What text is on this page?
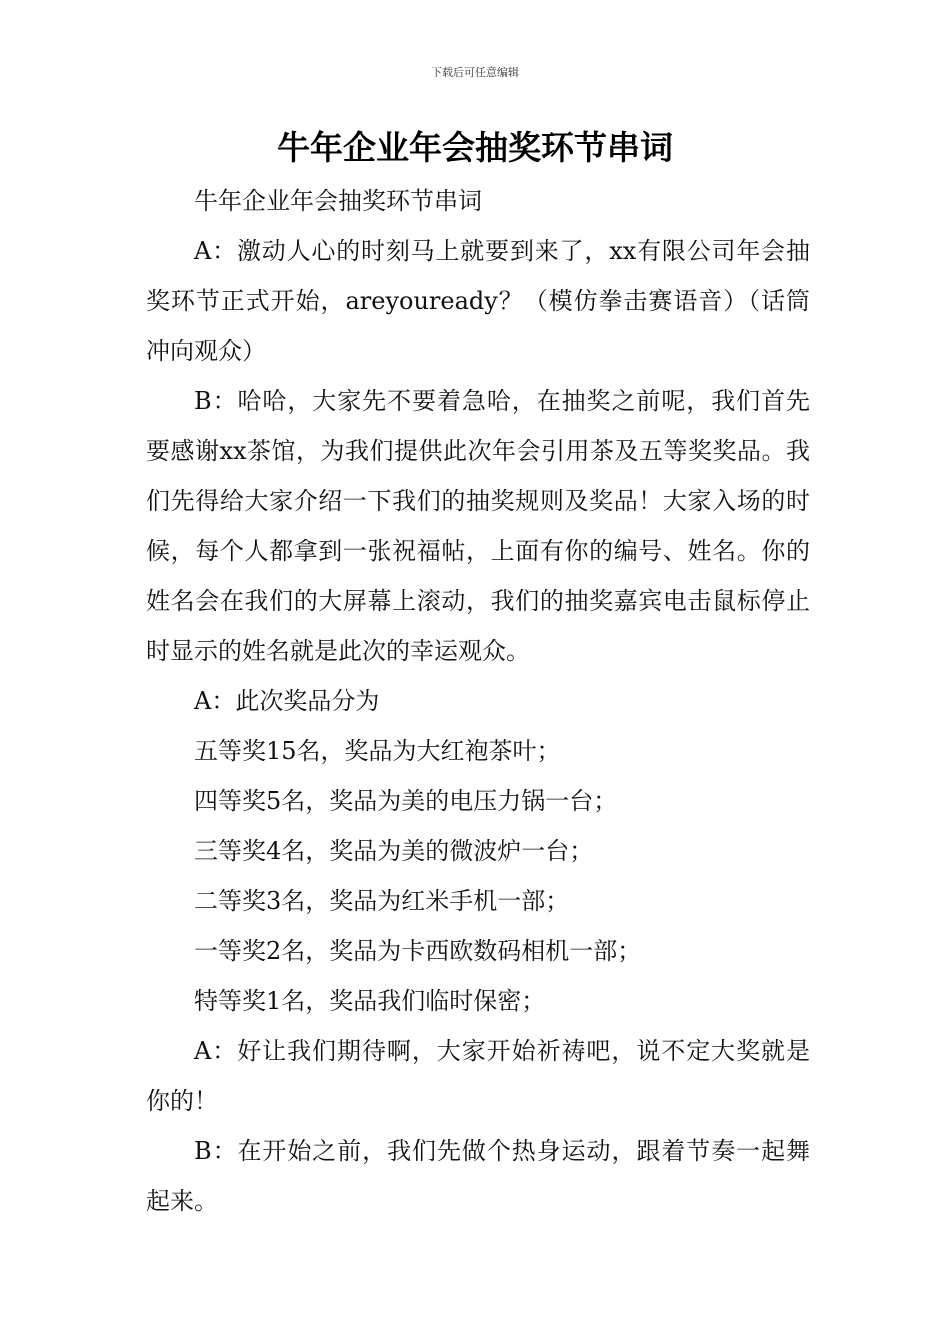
下载后可任意编辑
牛年企业年会抽奖环节串词

牛年企业年会抽奖环节串词

A：激动人心的时刻马上就要到来了，xx有限公司年会抽奖环节正式开始，areyouready？（模仿拳击赛语音）（话筒冲向观众）

B：哈哈，大家先不要着急哈，在抽奖之前呢，我们首先要感谢xx茶馆，为我们提供此次年会引用茶及五等奖奖品。我们先得给大家介绍一下我们的抽奖规则及奖品！大家入场的时候，每个人都拿到一张祝福帖，上面有你的编号、姓名。你的姓名会在我们的大屏幕上滚动，我们的抽奖嘉宾电击鼠标停止时显示的姓名就是此次的幸运观众。

A：此次奖品分为

五等奖15名，奖品为大红袍茶叶；

四等奖5名，奖品为美的电压力锅一台；

三等奖4名，奖品为美的微波炉一台；

二等奖3名，奖品为红米手机一部；

一等奖2名，奖品为卡西欧数码相机一部；

特等奖1名，奖品我们临时保密；

A：好让我们期待啊，大家开始祈祷吧，说不定大奖就是你的！

B：在开始之前，我们先做个热身运动，跟着节奏一起舞起来。
